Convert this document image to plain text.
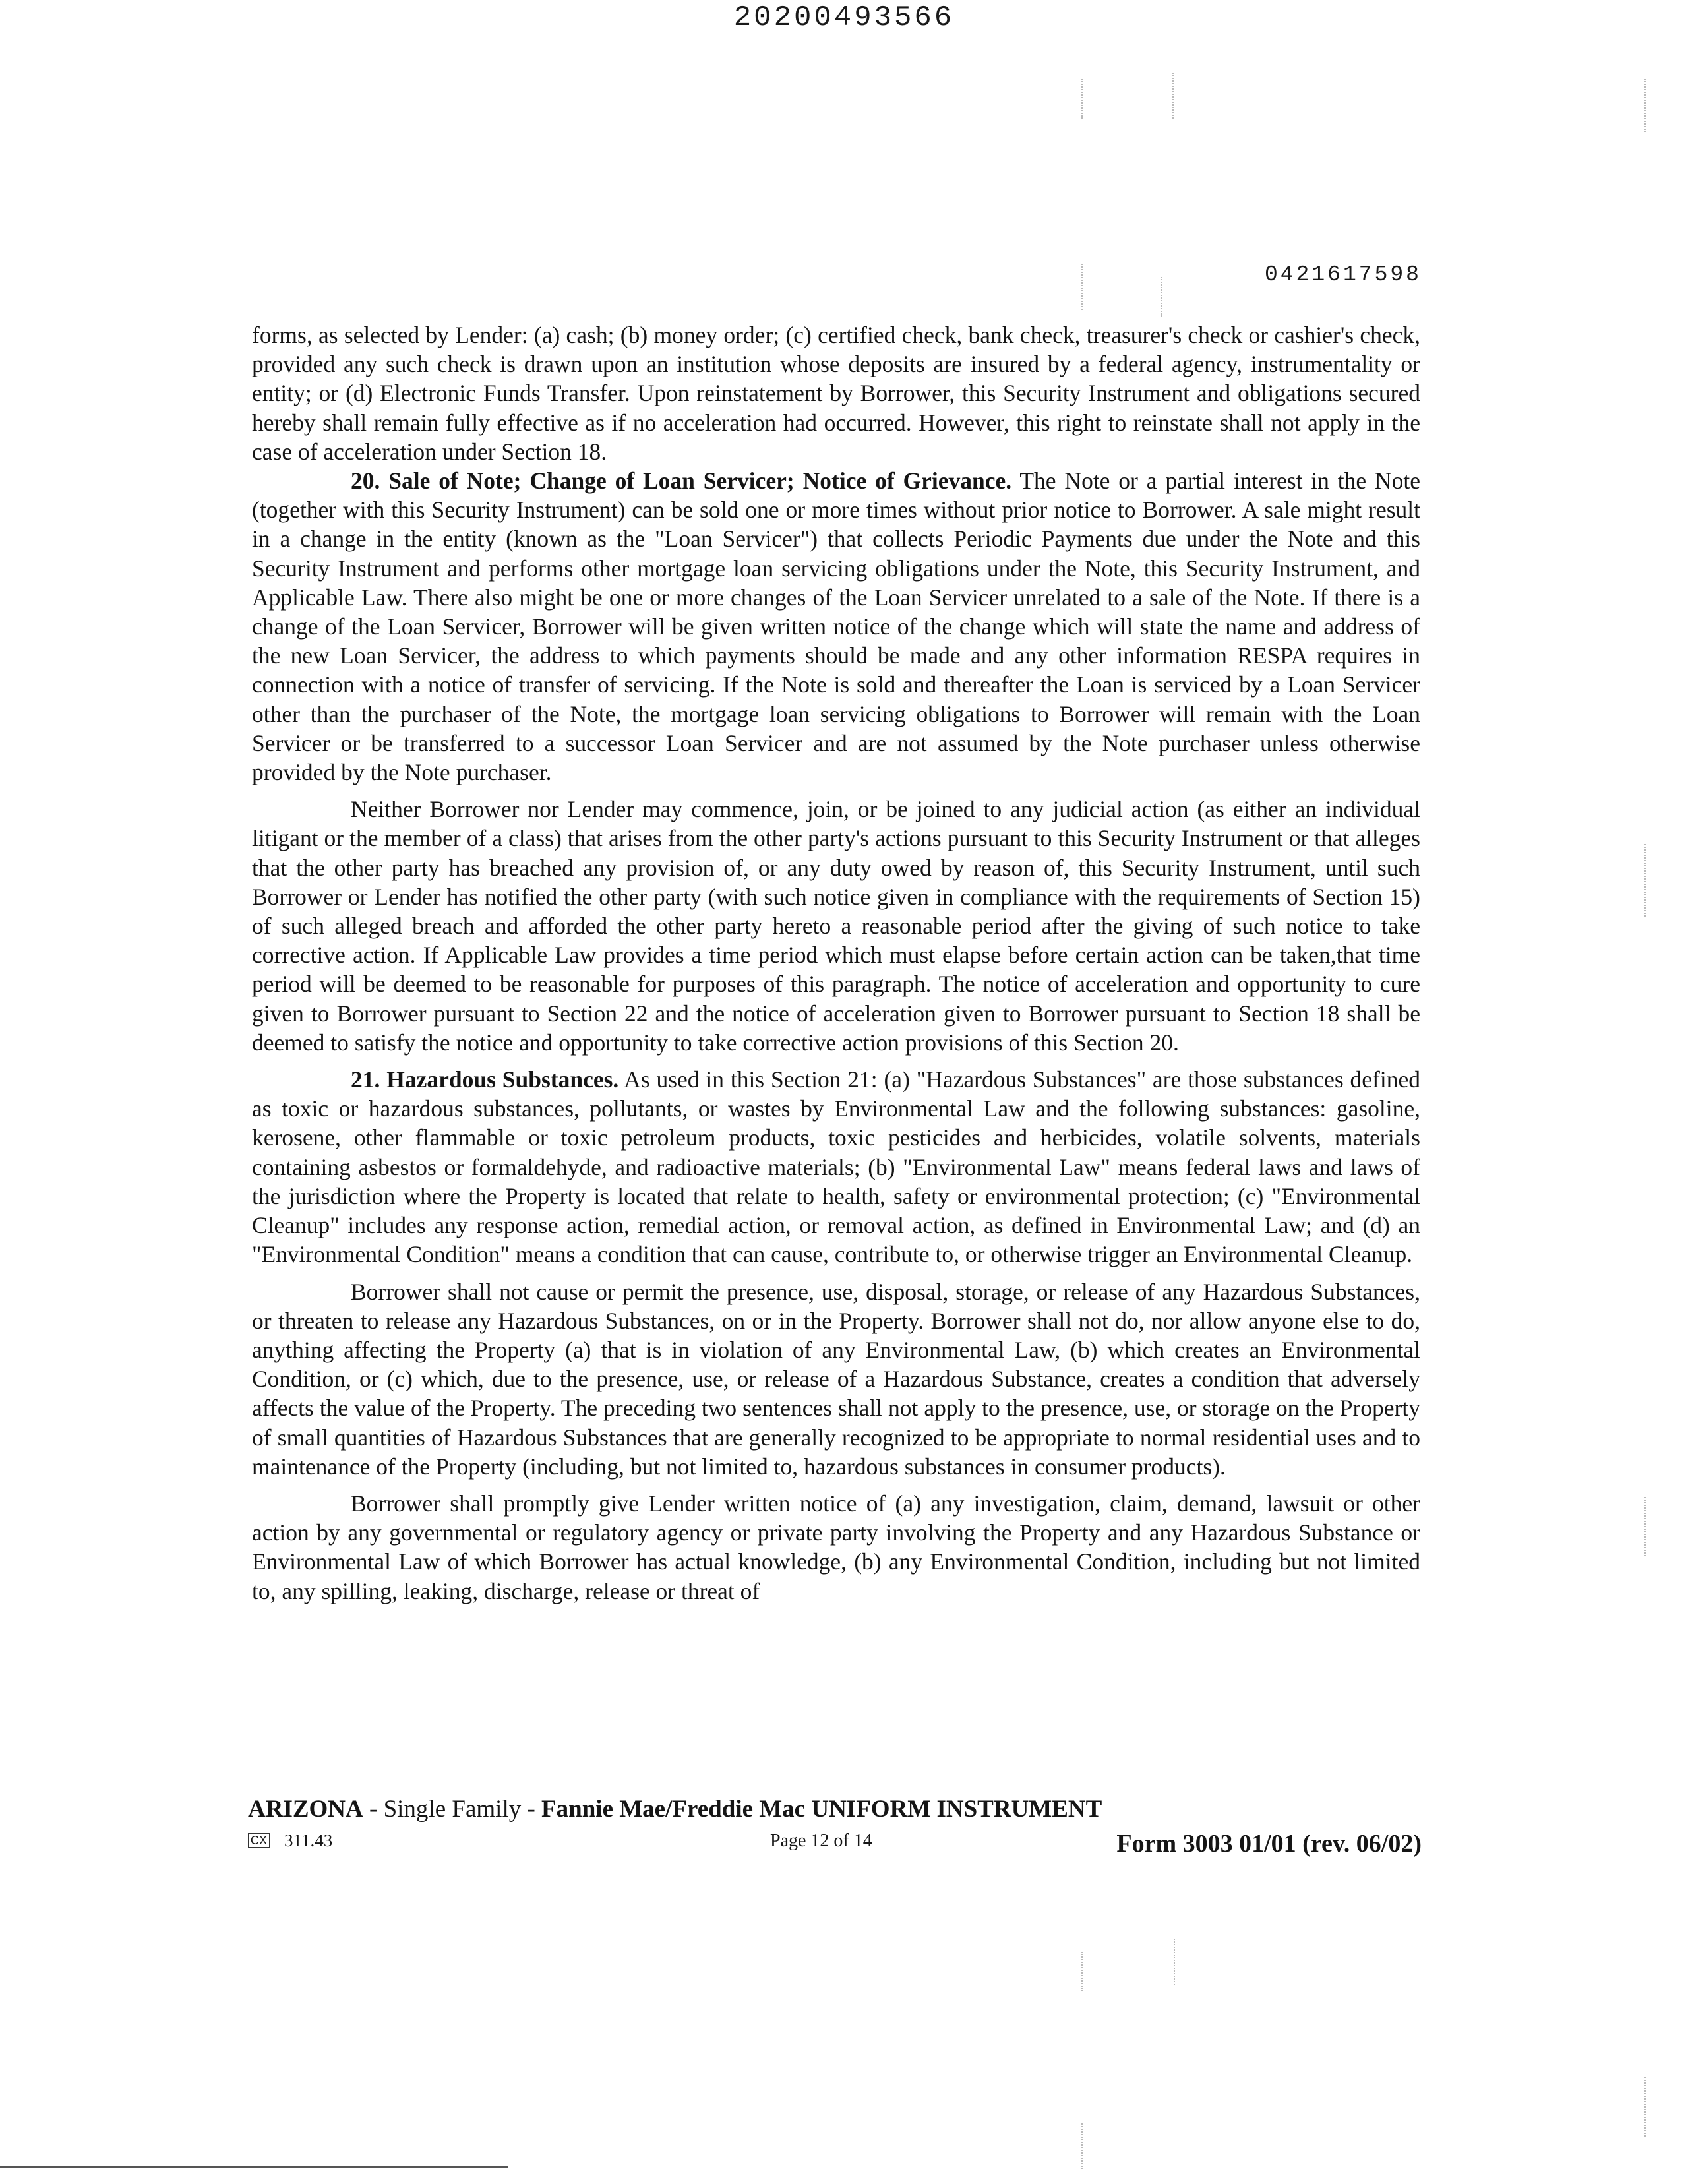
20200493566
0421617598

forms, as selected by Lender: (a) cash; (b) money order; (c) certified check, bank check, treasurer's check or cashier's check, provided any such check is drawn upon an institution whose deposits are insured by a federal agency, instrumentality or entity; or (d) Electronic Funds Transfer. Upon reinstatement by Borrower, this Security Instrument and obligations secured hereby shall remain fully effective as if no acceleration had occurred. However, this right to reinstate shall not apply in the case of acceleration under Section 18.

20. Sale of Note; Change of Loan Servicer; Notice of Grievance. The Note or a partial interest in the Note (together with this Security Instrument) can be sold one or more times without prior notice to Borrower. A sale might result in a change in the entity (known as the "Loan Servicer") that collects Periodic Payments due under the Note and this Security Instrument and performs other mortgage loan servicing obligations under the Note, this Security Instrument, and Applicable Law. There also might be one or more changes of the Loan Servicer unrelated to a sale of the Note. If there is a change of the Loan Servicer, Borrower will be given written notice of the change which will state the name and address of the new Loan Servicer, the address to which payments should be made and any other information RESPA requires in connection with a notice of transfer of servicing. If the Note is sold and thereafter the Loan is serviced by a Loan Servicer other than the purchaser of the Note, the mortgage loan servicing obligations to Borrower will remain with the Loan Servicer or be transferred to a successor Loan Servicer and are not assumed by the Note purchaser unless otherwise provided by the Note purchaser.

Neither Borrower nor Lender may commence, join, or be joined to any judicial action (as either an individual litigant or the member of a class) that arises from the other party's actions pursuant to this Security Instrument or that alleges that the other party has breached any provision of, or any duty owed by reason of, this Security Instrument, until such Borrower or Lender has notified the other party (with such notice given in compliance with the requirements of Section 15) of such alleged breach and afforded the other party hereto a reasonable period after the giving of such notice to take corrective action. If Applicable Law provides a time period which must elapse before certain action can be taken,that time period will be deemed to be reasonable for purposes of this paragraph. The notice of acceleration and opportunity to cure given to Borrower pursuant to Section 22 and the notice of acceleration given to Borrower pursuant to Section 18 shall be deemed to satisfy the notice and opportunity to take corrective action provisions of this Section 20.

21. Hazardous Substances. As used in this Section 21: (a) "Hazardous Substances" are those substances defined as toxic or hazardous substances, pollutants, or wastes by Environmental Law and the following substances: gasoline, kerosene, other flammable or toxic petroleum products, toxic pesticides and herbicides, volatile solvents, materials containing asbestos or formaldehyde, and radioactive materials; (b) "Environmental Law" means federal laws and laws of the jurisdiction where the Property is located that relate to health, safety or environmental protection; (c) "Environmental Cleanup" includes any response action, remedial action, or removal action, as defined in Environmental Law; and (d) an "Environmental Condition" means a condition that can cause, contribute to, or otherwise trigger an Environmental Cleanup.

Borrower shall not cause or permit the presence, use, disposal, storage, or release of any Hazardous Substances, or threaten to release any Hazardous Substances, on or in the Property. Borrower shall not do, nor allow anyone else to do, anything affecting the Property (a) that is in violation of any Environmental Law, (b) which creates an Environmental Condition, or (c) which, due to the presence, use, or release of a Hazardous Substance, creates a condition that adversely affects the value of the Property. The preceding two sentences shall not apply to the presence, use, or storage on the Property of small quantities of Hazardous Substances that are generally recognized to be appropriate to normal residential uses and to maintenance of the Property (including, but not limited to, hazardous substances in consumer products).

Borrower shall promptly give Lender written notice of (a) any investigation, claim, demand, lawsuit or other action by any governmental or regulatory agency or private party involving the Property and any Hazardous Substance or Environmental Law of which Borrower has actual knowledge, (b) any Environmental Condition, including but not limited to, any spilling, leaking, discharge, release or threat of

ARIZONA - Single Family - Fannie Mae/Freddie Mac UNIFORM INSTRUMENT
CX 311.43	Page 12 of 14	Form 3003 01/01 (rev. 06/02)
